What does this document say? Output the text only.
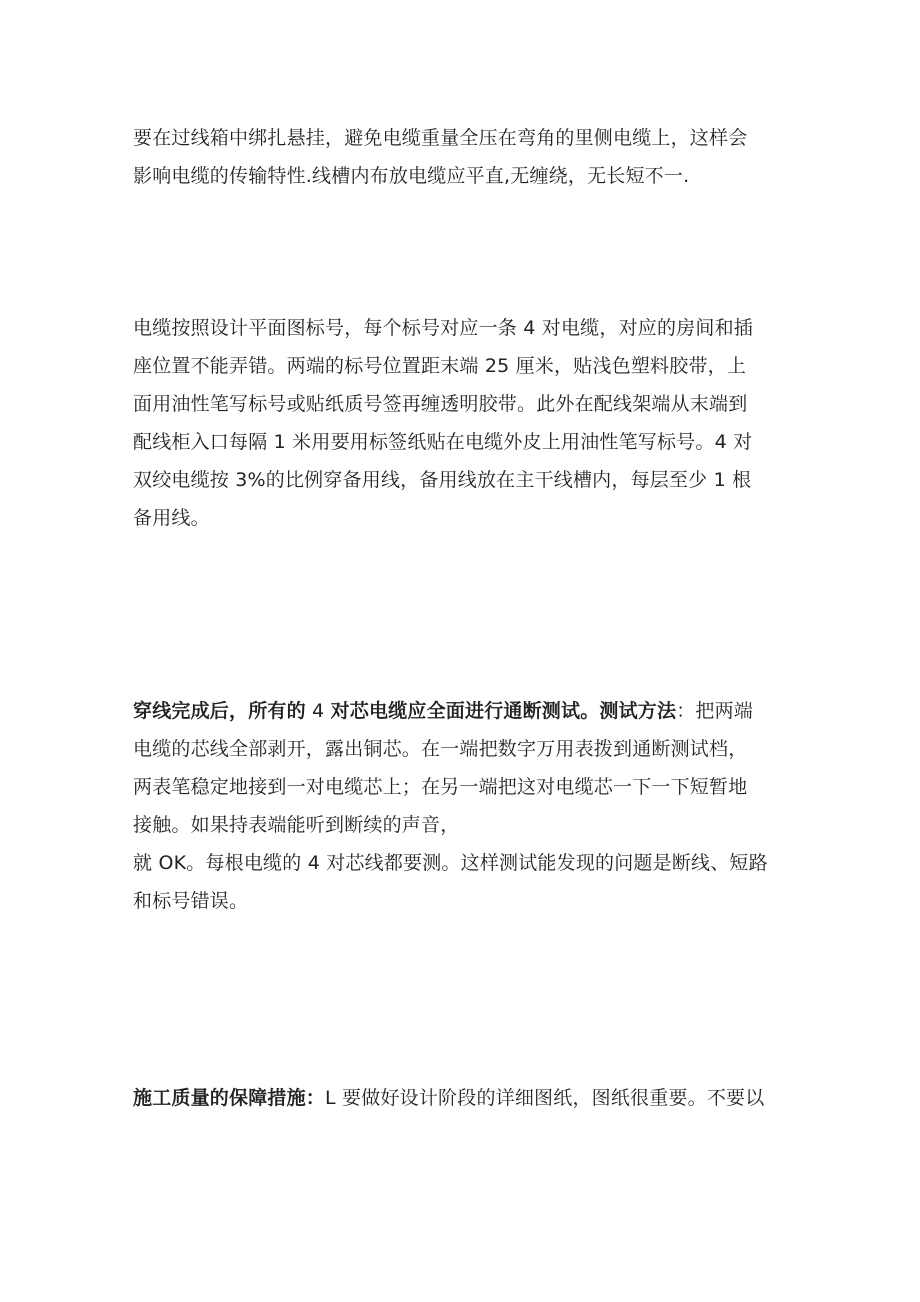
要在过线箱中绑扎悬挂，避免电缆重量全压在弯角的里侧电缆上，这样会
影响电缆的传输特性.线槽内布放电缆应平直,无缠绕，无长短不一.
电缆按照设计平面图标号，每个标号对应一条 4 对电缆，对应的房间和插
座位置不能弄错。两端的标号位置距末端 25 厘米，贴浅色塑料胶带，上
面用油性笔写标号或贴纸质号签再缠透明胶带。此外在配线架端从末端到
配线柜入口每隔 1 米用要用标签纸贴在电缆外皮上用油性笔写标号。4 对
双绞电缆按 3%的比例穿备用线，备用线放在主干线槽内，每层至少 1 根
备用线。
穿线完成后，所有的 4 对芯电缆应全面进行通断测试。测试方法：把两端
电缆的芯线全部剥开，露出铜芯。在一端把数字万用表拨到通断测试档，
两表笔稳定地接到一对电缆芯上；在另一端把这对电缆芯一下一下短暂地
接触。如果持表端能听到断续的声音，
就 OK。每根电缆的 4 对芯线都要测。这样测试能发现的问题是断线、短路
和标号错误。
施工质量的保障措施：L 要做好设计阶段的详细图纸，图纸很重要。不要以
